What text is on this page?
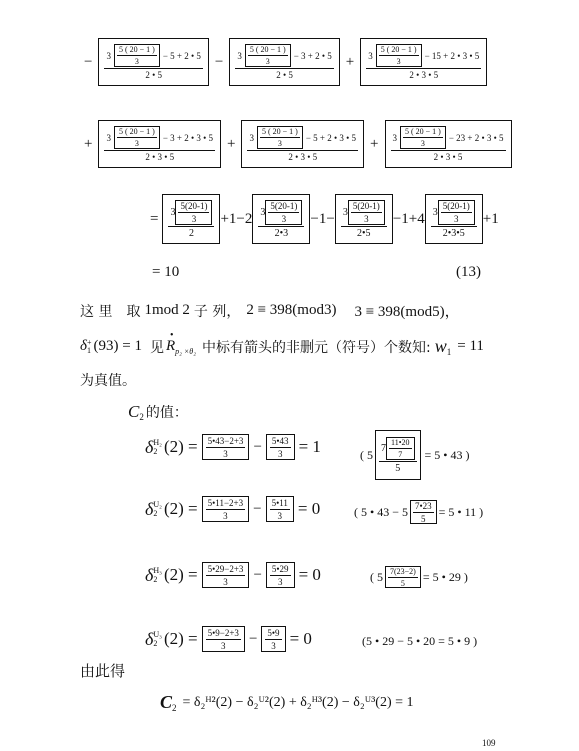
−	$3 \frac{5 ( 20 - 1 )}{3} - 5 + 2$ • 5
2 • 5
−	$3 \frac{5 ( 20 - 1 )}{3} - 3 + 2$ • 5
2 • 5
+	$3 \frac{5 ( 20 - 1 )}{3} - 15 + 2$ • 3 • 5
2 • 3 • 5
+	$3 \frac{5 ( 20 - 1 )}{3} - 3 + 2$ • 3 • 5
2 • 3 • 5
+	$3 \frac{5 ( 20 - 1 )}{3} - 5 + 2$ • 3 • 5
2 • 3 • 5
+	$3 \frac{5 ( 20 - 1 )}{3} - 23 + 2$ • 3 • 5
2 • 3 • 5
= $\frac{3 \frac{5(20-1)}{3}}{2} +1-2 \frac{3 \frac{5(20-1)}{3}}{2•3} -1- \frac{3 \frac{5(20-1)}{3}}{2•5} -1+4 \frac{3 \frac{5(20-1)}{3}}{2•3•5} +1$
= 10	(13)
这 里　取 1mod 2 子 列， 2 ≡ 398(mod3) 3 ≡ 398(mod5)，
δ +
1 (93) = 1 见
•
R p₂ ×θ₂ 中标有箭头的非删元（符号）个数知: w 1 = 11
为真值。
C 2 的值：
δ H₂
2 $(2) = \frac{5•43-2+3}{3} - \frac{5•43}{3} = 1$	( $5 \frac{7 \frac{11•20}{7}}{5} = 5$ • 43 )
δ U₂
2 $(2) = \frac{5•11-2+3}{3} - \frac{5•11}{3} = 0$	( 5 • $43 - 5 \frac{7•23}{5} = 5$ • 11 )
δ H₃
2 $(2) = \frac{5•29-2+3}{3} - \frac{5•29}{3} = 0$	( $5 \frac{7(23-2)}{5} = 5$ • 29 )
δ U₃
2 $(2) = \frac{5•9-2+3}{3} - \frac{5•9}{3} = 0$	(5 • 29 − 5 • 20 = 5 • 9 )
由此得
C 2 = δ₂ᴴ²(2) − δ₂ᵁ²(2) + δ₂ᴴ³(2) − δ₂ᵁ³(2) = 1
109
